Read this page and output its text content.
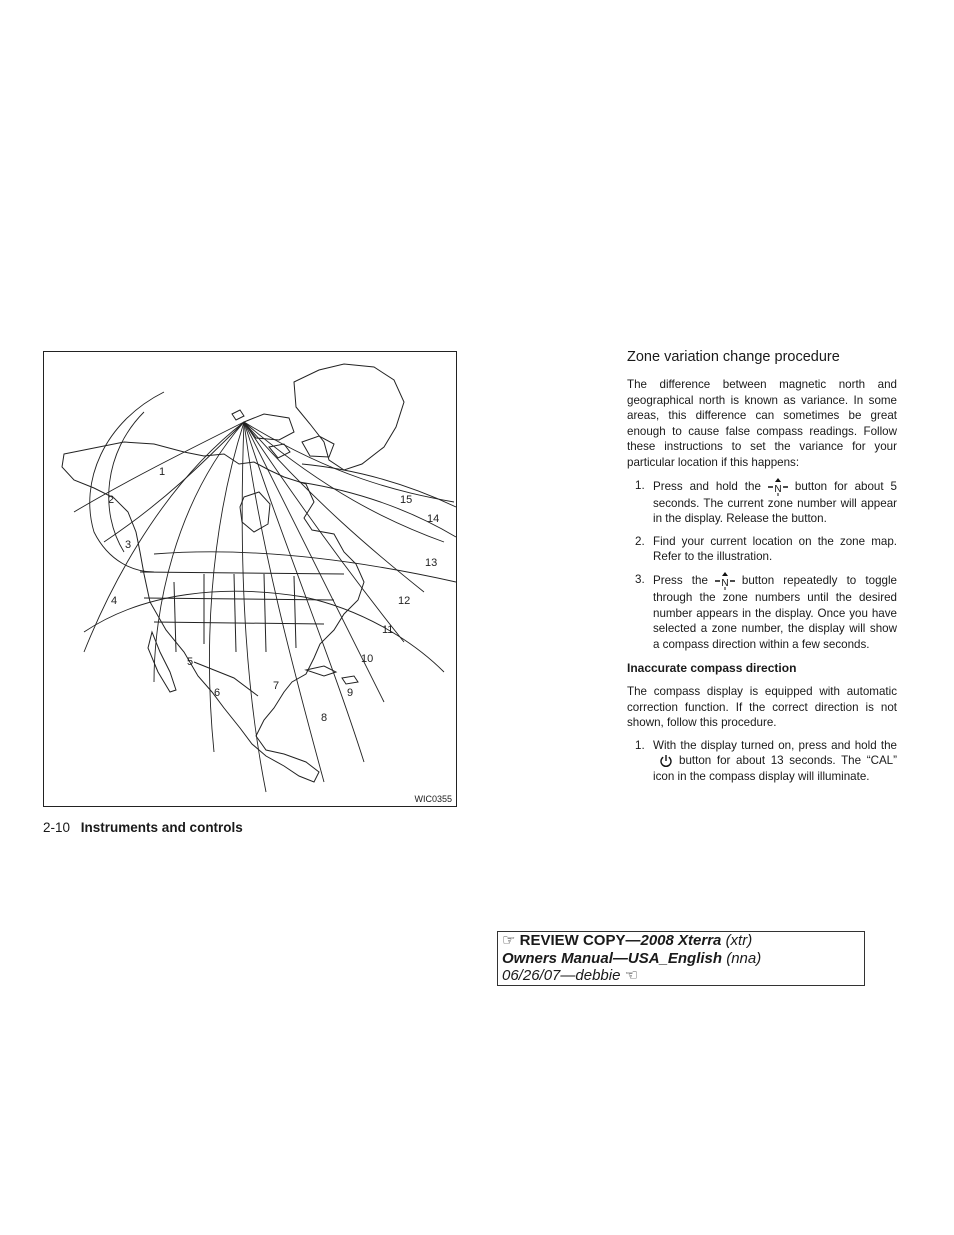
1
2
3
4
5
6
7
8
9
10
11
12
13
14
15
WIC0355
2-10 Instruments and controls
Zone variation change procedure

The difference between magnetic north and geographical north is known as variance. In some areas, this difference can sometimes be great enough to cause false compass readings. Follow these instructions to set the variance for your particular location if this happens:

1. Press and hold the N button for about 5 seconds. The current zone number will appear in the display. Release the button.
2. Find your current location on the zone map. Refer to the illustration.
3. Press the N button repeatedly to toggle through the zone numbers until the desired number appears in the display. Once you have selected a zone number, the display will show a compass direction within a few seconds.
Inaccurate compass direction

The compass display is equipped with automatic correction function. If the correct direction is not shown, follow this procedure.

1. With the display turned on, press and hold thebutton for about 13 seconds. The “CAL” icon in the compass display will illuminate.
☞ REVIEW COPY—2008 Xterra (xtr)
Owners Manual—USA_English (nna)
06/26/07—debbie ☜
